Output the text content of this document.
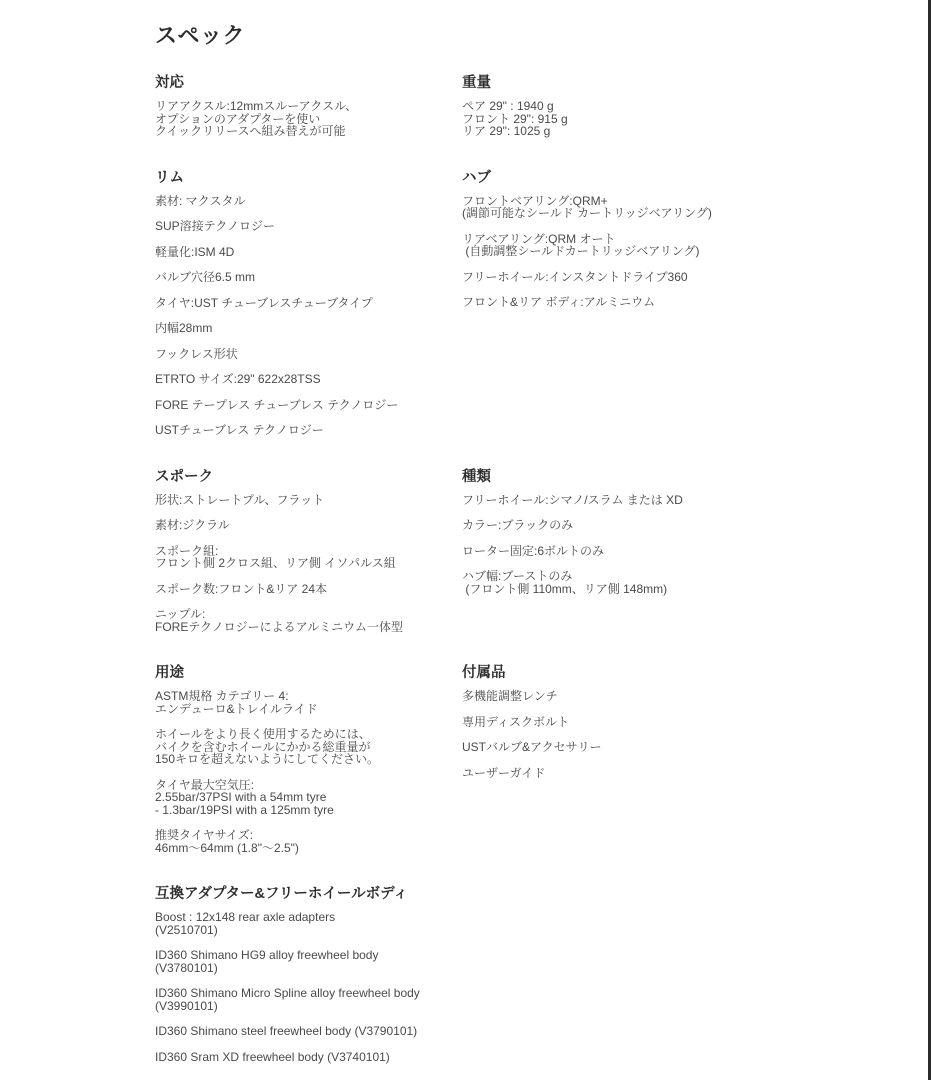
スペック
対応
リアアクスル:12mmスルーアクスル、
オプションのアダプターを使い
クイックリリースへ組み替えが可能
重量
ペア 29" : 1940 g
フロント 29": 915 g
リア 29": 1025 g
リム
素材: マクスタル
SUP溶接テクノロジー
軽量化:ISM 4D
バルブ穴径6.5 mm
タイヤ:UST チューブレスチューブタイプ
内幅28mm
フックレス形状
ETRTO サイズ:29" 622x28TSS
FORE テープレス チューブレス テクノロジー
USTチューブレス テクノロジー
ハブ
フロントベアリング:QRM+
(調節可能なシールド カートリッジベアリング)
リアベアリング:QRM オート
(自動調整シールドカートリッジベアリング)
フリーホイール:インスタントドライブ360
フロント&リア ボディ:アルミニウム
スポーク
形状:ストレートプル、フラット
素材:ジクラル
スポーク組:
フロント側 2クロス組、リア側 イソパルス組
スポーク数:フロント&リア 24本
ニップル:
FOREテクノロジーによるアルミニウム一体型
種類
フリーホイール:シマノ/スラム または XD
カラー:ブラックのみ
ローター固定:6ボルトのみ
ハブ幅:ブーストのみ
(フロント側 110mm、リア側 148mm)
用途
ASTM規格 カテゴリー 4:
エンデューロ&トレイルライド
ホイールをより長く使用するためには、
バイクを含むホイールにかかる総重量が
150キロを超えないようにしてください。
タイヤ最大空気圧:
2.55bar/37PSI with a 54mm tyre
- 1.3bar/19PSI with a 125mm tyre
推奨タイヤサイズ:
46mm〜64mm (1.8"〜2.5")
付属品
多機能調整レンチ
専用ディスクボルト
USTバルブ&アクセサリー
ユーザーガイド
互換アダプター&フリーホイールボディ
Boost : 12x148 rear axle adapters
(V2510701)
ID360 Shimano HG9 alloy freewheel body
(V3780101)
ID360 Shimano Micro Spline alloy freewheel body
(V3990101)
ID360 Shimano steel freewheel body (V3790101)
ID360 Sram XD freewheel body (V3740101)
